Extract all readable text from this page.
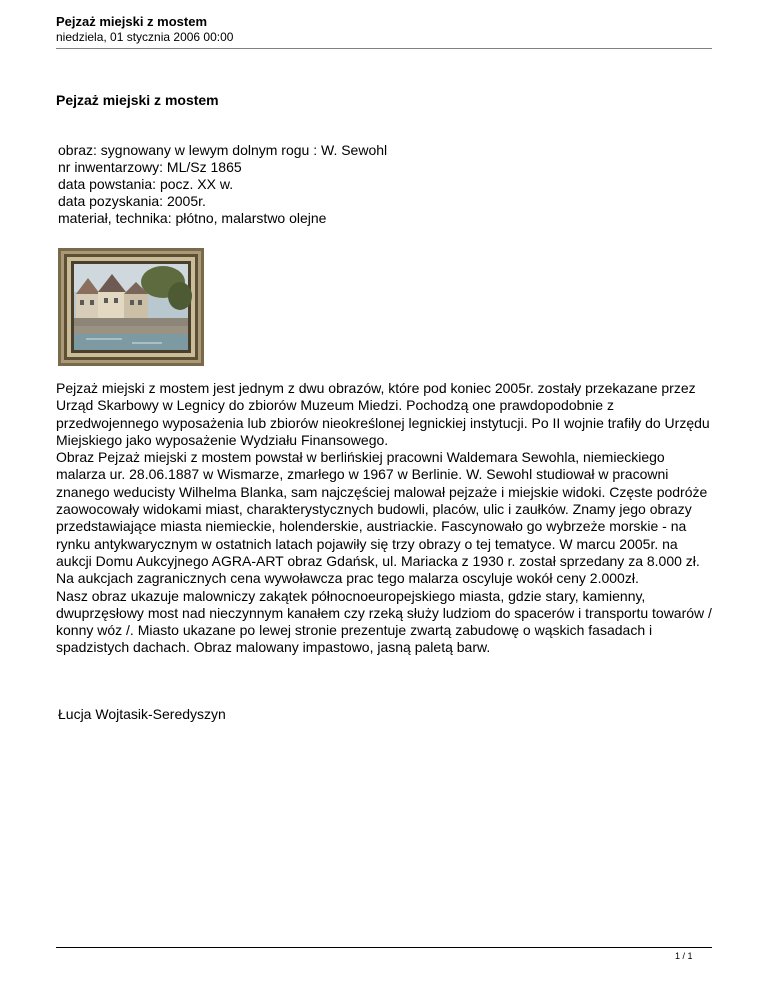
Pejzaż miejski z mostem
niedziela, 01 stycznia 2006 00:00
Pejzaż miejski z mostem
obraz: sygnowany w lewym dolnym rogu : W. Sewohl
nr inwentarzowy: ML/Sz 1865
data powstania: pocz. XX w.
data pozyskania: 2005r.
materiał, technika: płótno, malarstwo olejne

Pejzaż miejski z mostem jest jednym z dwu obrazów, które pod koniec 2005r. zostały przekazane przez Urząd Skarbowy w Legnicy do zbiorów Muzeum Miedzi. Pochodzą one prawdopodobnie z przedwojennego wyposażenia lub zbiorów nieokreślonej legnickiej instytucji. Po II wojnie trafiły do Urzędu Miejskiego jako wyposażenie Wydziału Finansowego.

Obraz Pejzaż miejski z mostem powstał w berlińskiej pracowni Waldemara Sewohla, niemieckiego malarza ur. 28.06.1887 w Wismarze, zmarłego w 1967 w Berlinie. W. Sewohl studiował w pracowni znanego weducisty Wilhelma Blanka, sam najczęściej malował pejzaże i miejskie widoki. Częste podróże zaowocowały widokami miast, charakterystycznych budowli, placów, ulic i zaułków. Znamy jego obrazy przedstawiające miasta niemieckie, holenderskie, austriackie. Fascynowało go wybrzeże morskie - na rynku antykwarycznym w ostatnich latach pojawiły się trzy obrazy o tej tematyce. W marcu 2005r. na aukcji Domu Aukcyjnego AGRA-ART obraz Gdańsk, ul. Mariacka z 1930 r. został sprzedany za 8.000 zł. Na aukcjach zagranicznych cena wywoławcza prac tego malarza oscyluje wokół ceny 2.000zł.

Nasz obraz ukazuje malowniczy zakątek północnoeuropejskiego miasta, gdzie stary, kamienny, dwuprzęsłowy most nad nieczynnym kanałem czy rzeką służy ludziom do spacerów i transportu towarów / konny wóz /. Miasto ukazane po lewej stronie prezentuje zwartą zabudowę o wąskich fasadach i spadzistych dachach. Obraz malowany impastowo, jasną paletą barw.

Łucja Wojtasik-Seredyszyn
1 / 1
